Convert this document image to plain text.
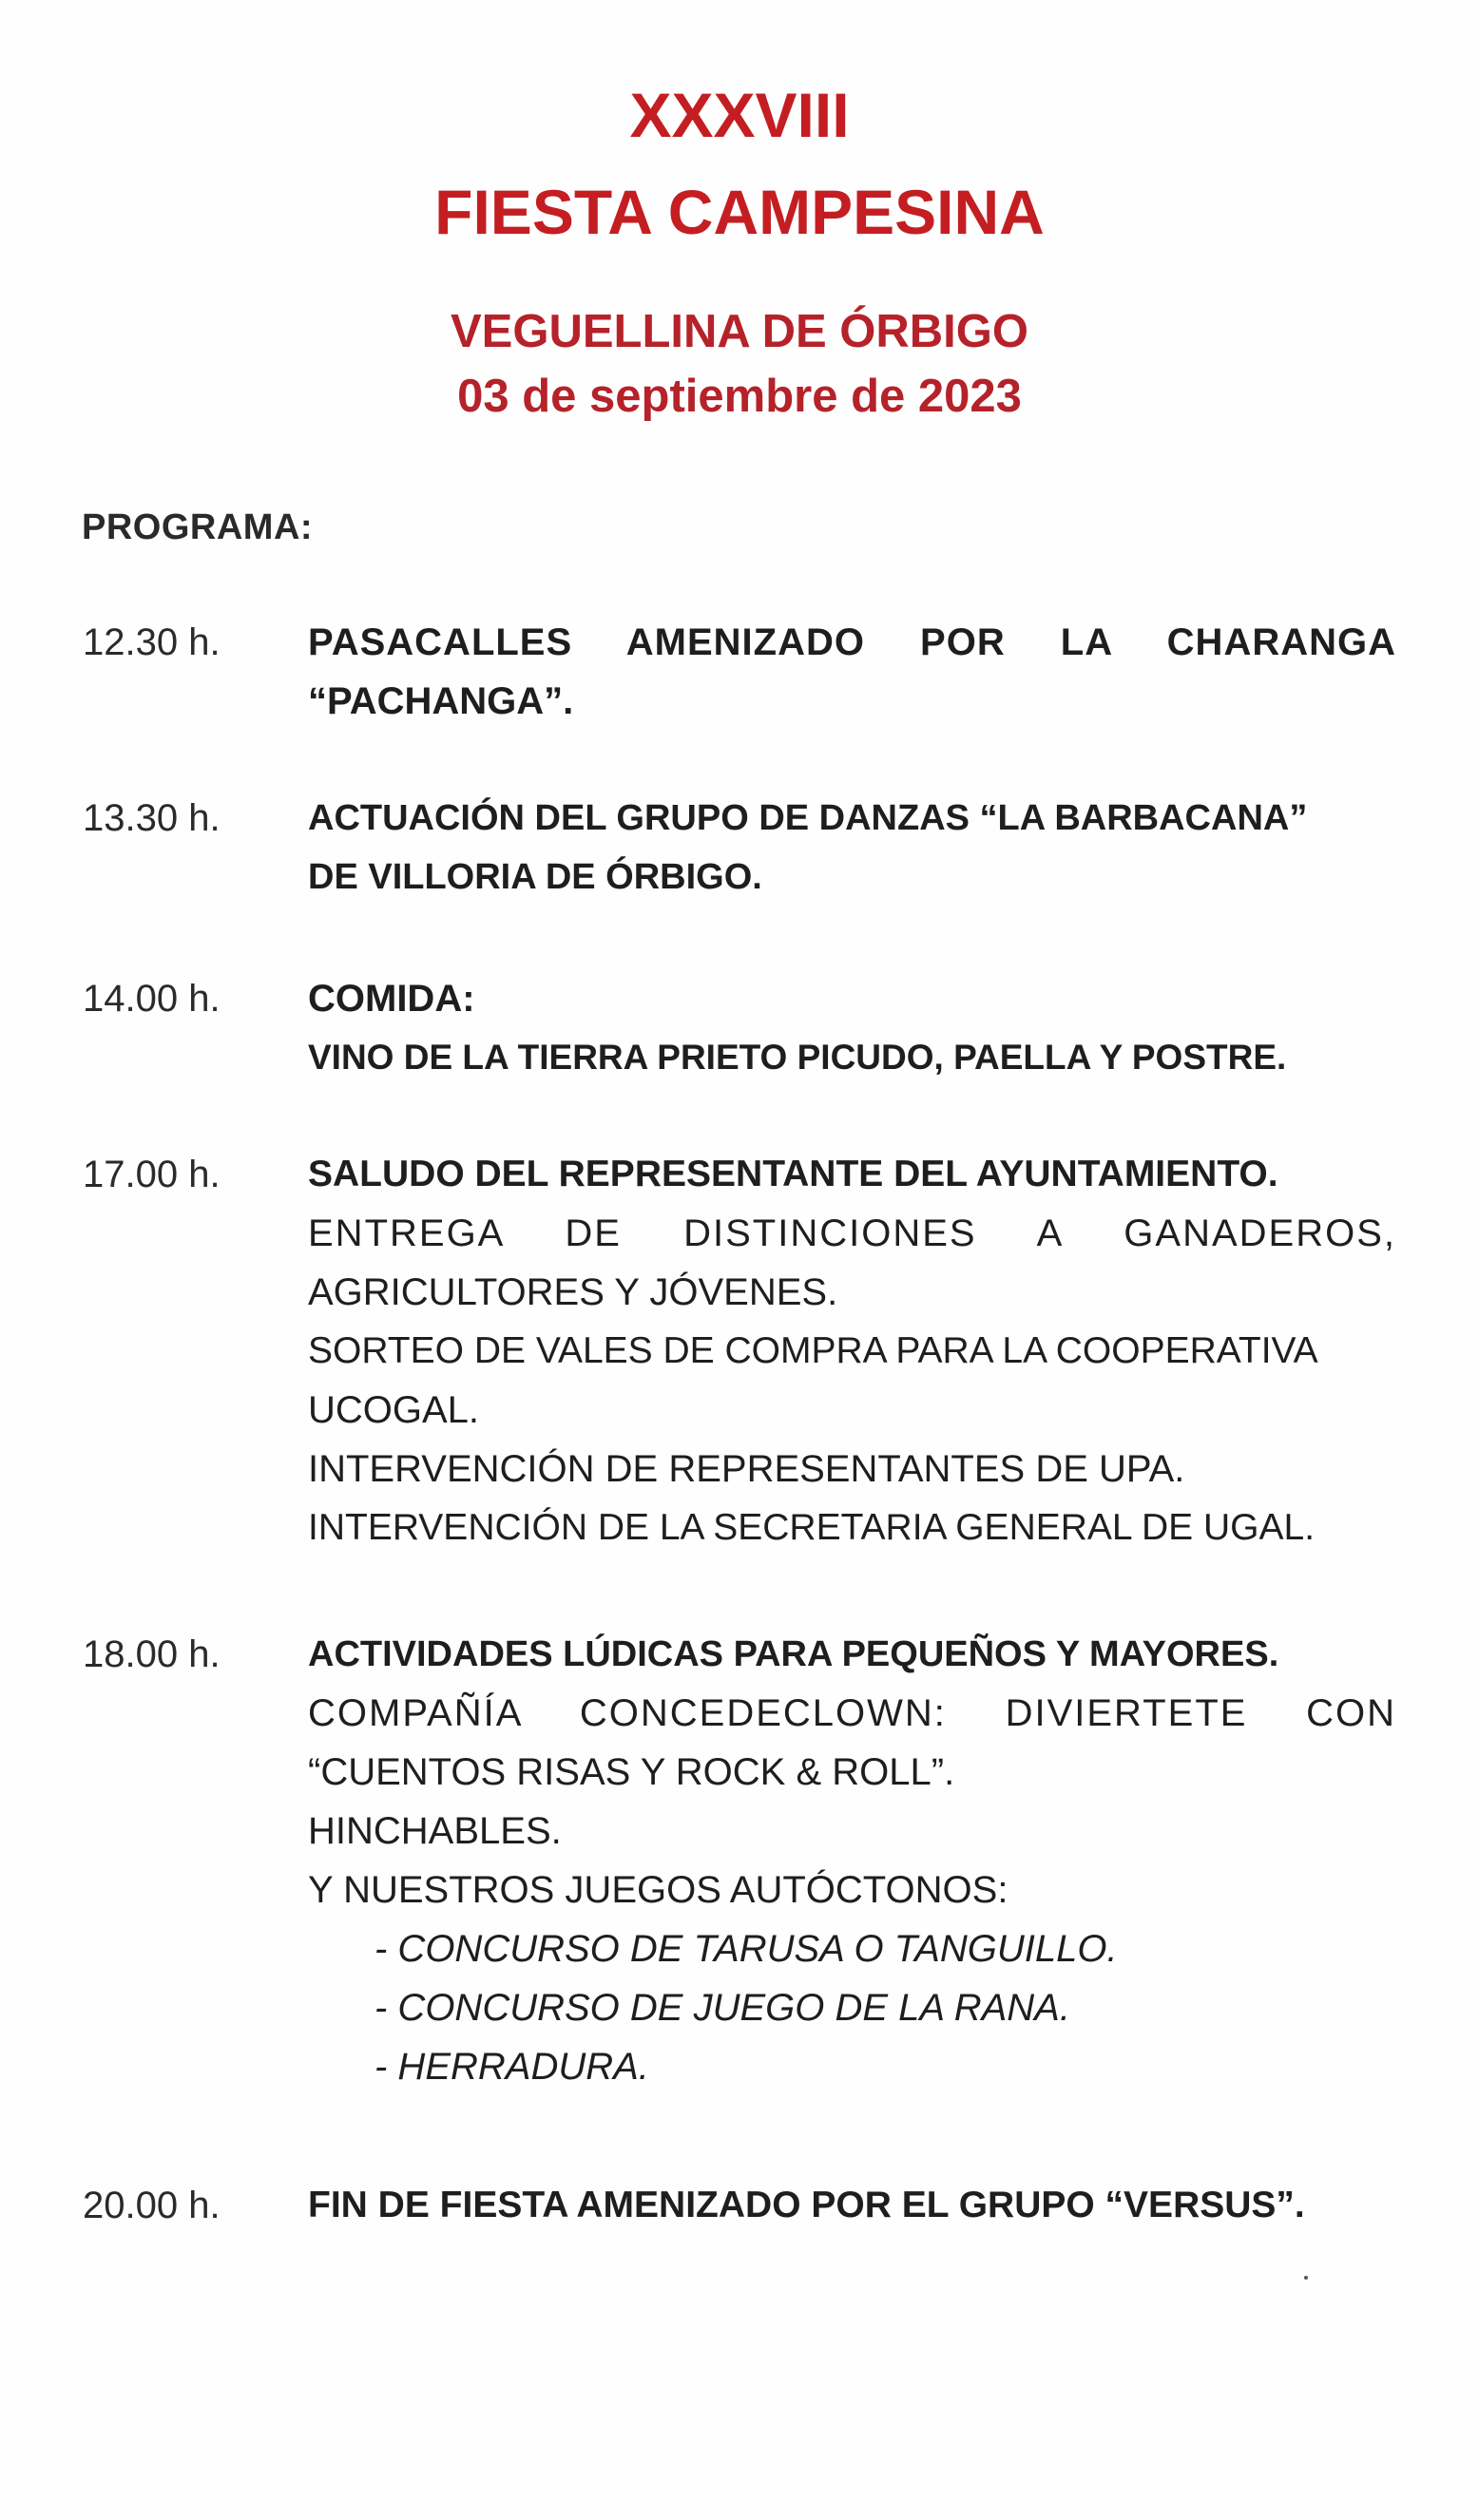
XXXVIII
FIESTA CAMPESINA
VEGUELLINA DE ÓRBIGO
03 de septiembre de 2023
PROGRAMA:
12.30 h. PASACALLES AMENIZADO POR LA CHARANGA
“PACHANGA”.
13.30 h. ACTUACIÓN DEL GRUPO DE DANZAS “LA BARBACANA”
DE VILLORIA DE ÓRBIGO.
14.00 h. COMIDA:
VINO DE LA TIERRA PRIETO PICUDO, PAELLA Y POSTRE.
17.00 h. SALUDO DEL REPRESENTANTE DEL AYUNTAMIENTO.
ENTREGA DE DISTINCIONES A GANADEROS,
AGRICULTORES Y JÓVENES.
SORTEO DE VALES DE COMPRA PARA LA COOPERATIVA
UCOGAL.
INTERVENCIÓN DE REPRESENTANTES DE UPA.
INTERVENCIÓN DE LA SECRETARIA GENERAL DE UGAL.
18.00 h. ACTIVIDADES LÚDICAS PARA PEQUEÑOS Y MAYORES.
COMPAÑÍA CONCEDECLOWN: DIVIERTETE CON
“CUENTOS RISAS Y ROCK & ROLL”.
HINCHABLES.
Y NUESTROS JUEGOS AUTÓCTONOS:
- CONCURSO DE TARUSA O TANGUILLO.
- CONCURSO DE JUEGO DE LA RANA.
- HERRADURA.
20.00 h. FIN DE FIESTA AMENIZADO POR EL GRUPO “VERSUS”.
